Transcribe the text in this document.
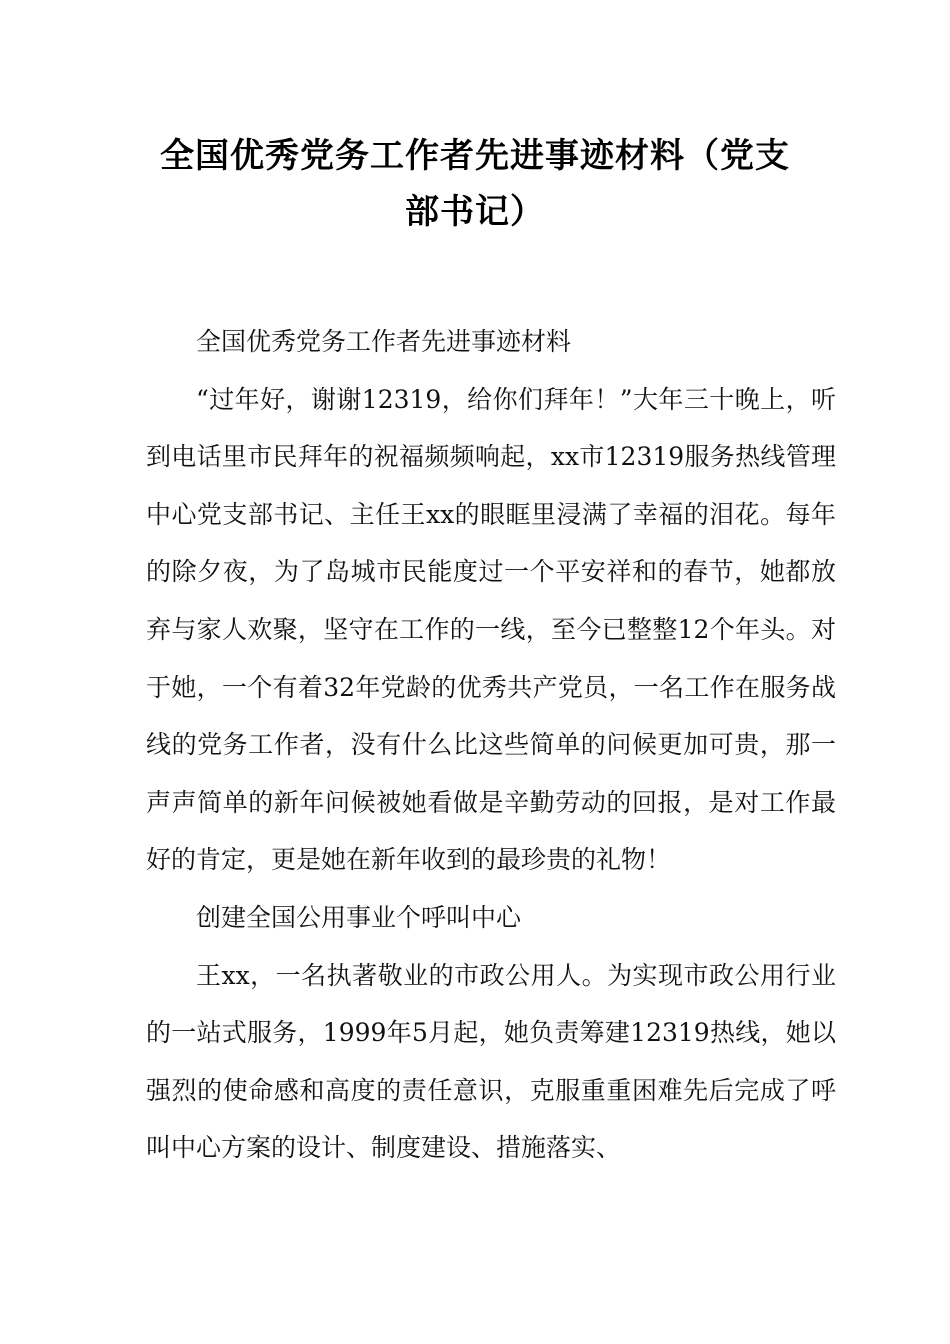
全国优秀党务工作者先进事迹材料（党支
部书记）

全国优秀党务工作者先进事迹材料

“过年好，谢谢12319，给你们拜年！”大年三十晚上，听到电话里市民拜年的祝福频频响起，xx市12319服务热线管理中心党支部书记、主任王xx的眼眶里浸满了幸福的泪花。每年的除夕夜，为了岛城市民能度过一个平安祥和的春节，她都放弃与家人欢聚，坚守在工作的一线，至今已整整12个年头。对于她，一个有着32年党龄的优秀共产党员，一名工作在服务战线的党务工作者，没有什么比这些简单的问候更加可贵，那一声声简单的新年问候被她看做是辛勤劳动的回报，是对工作最好的肯定，更是她在新年收到的最珍贵的礼物！

创建全国公用事业个呼叫中心

王xx，一名执著敬业的市政公用人。为实现市政公用行业的一站式服务，1999年5月起，她负责筹建12319热线，她以强烈的使命感和高度的责任意识，克服重重困难先后完成了呼叫中心方案的设计、制度建设、措施落实、
